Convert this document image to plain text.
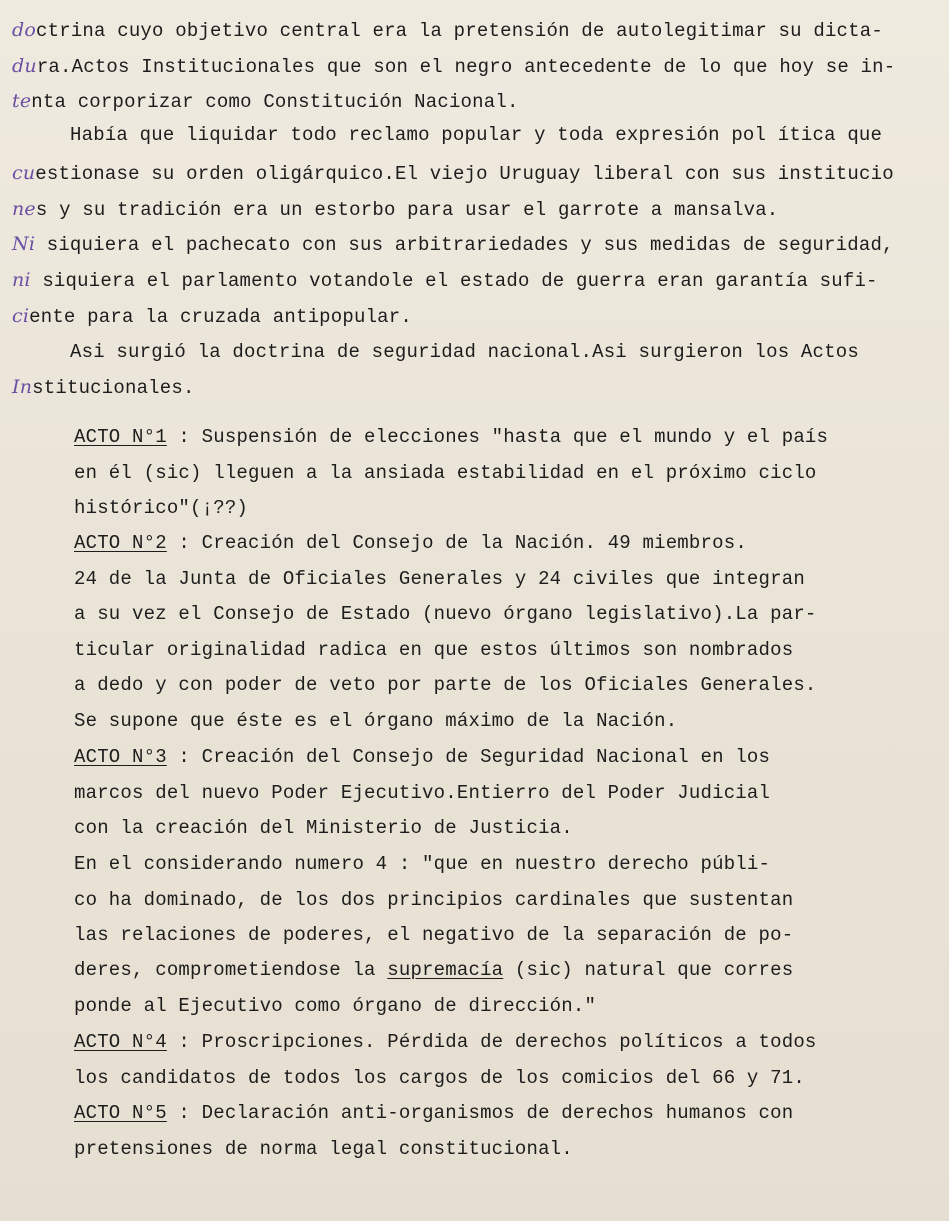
doctrina cuyo objetivo central era la pretensión de autolegitimar su dicta-
dura.Actos Institucionales que son el negro antecedente de lo que hoy se in-
tenta corporizar como Constitución Nacional.
Había que liquidar todo reclamo popular y toda expresión pol ítica que
cuestionase su orden oligárquico.El viejo Uruguay liberal con sus institucio
nes y su tradición era un estorbo para usar el garrote a mansalva.
Ni siquiera el pachecato con sus arbitrariedades y sus medidas de seguridad,
ni siquiera el parlamento votandole el estado de guerra eran garantía sufi-
ciente para la cruzada antipopular.
Asi surgió la doctrina de seguridad nacional.Asi surgieron los Actos
Institucionales.
ACTO N°1 : Suspensión de elecciones "hasta que el mundo y el país
en él (sic) lleguen a la ansiada estabilidad en el próximo ciclo
histórico"(¡??)
ACTO N°2 : Creación del Consejo de la Nación. 49 miembros.
24 de la Junta de Oficiales Generales y 24 civiles que integran
a su vez el Consejo de Estado (nuevo órgano legislativo).La par-
ticular originalidad radica en que estos últimos son nombrados
a dedo y con poder de veto por parte de los Oficiales Generales.
Se supone que éste es el órgano máximo de la Nación.
ACTO N°3 : Creación del Consejo de Seguridad Nacional en los
marcos del nuevo Poder Ejecutivo.Entierro del Poder Judicial
con la creación del Ministerio de Justicia.
En el considerando numero 4 : "que en nuestro derecho públi-
co ha dominado, de los dos principios cardinales que sustentan
las relaciones de poderes, el negativo de la separación de po-
deres, comprometiendose la supremacía (sic) natural que corres
ponde al Ejecutivo como órgano de dirección."
ACTO N°4 : Proscripciones. Pérdida de derechos políticos a todos
los candidatos de todos los cargos de los comicios del 66 y 71.
ACTO N°5 : Declaración anti-organismos de derechos humanos con
pretensiones de norma legal constitucional.
